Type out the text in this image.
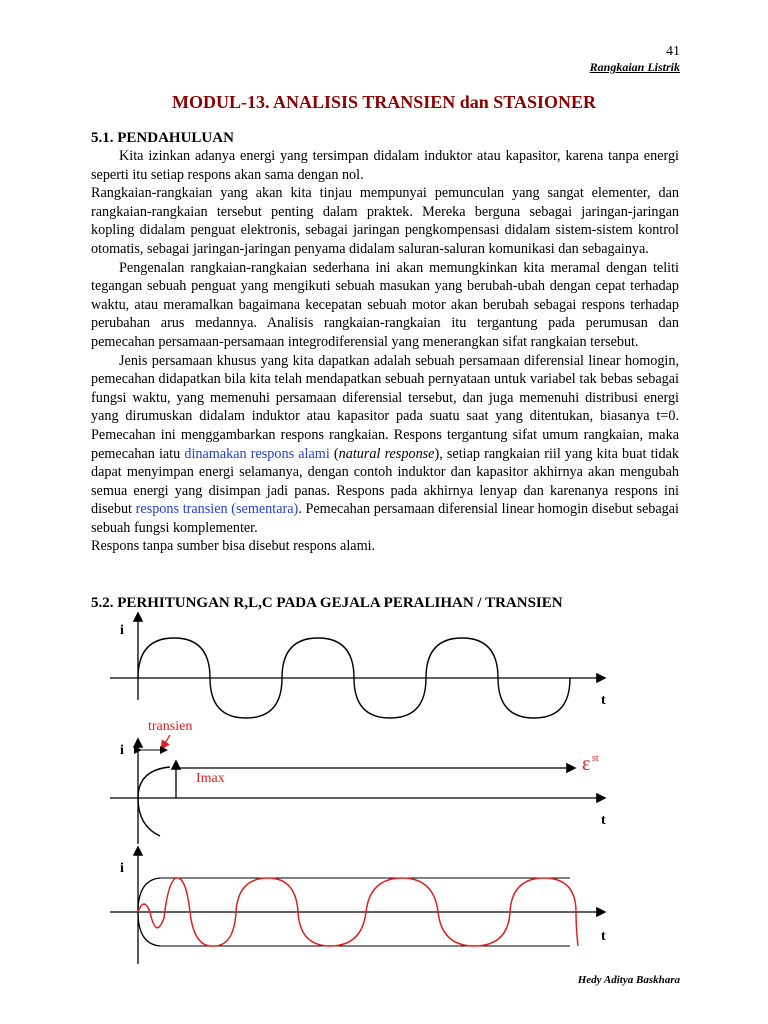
41
Rangkaian Listrik
MODUL-13. ANALISIS TRANSIEN dan STASIONER

5.1. PENDAHULUAN

Kita izinkan adanya energi yang tersimpan didalam induktor atau kapasitor, karena tanpa energi seperti itu setiap respons akan sama dengan nol.

Rangkaian-rangkaian yang akan kita tinjau mempunyai pemunculan yang sangat elementer, dan rangkaian-rangkaian tersebut penting dalam praktek. Mereka berguna sebagai jaringan-jaringan kopling didalam penguat elektronis, sebagai jaringan pengkompensasi didalam sistem-sistem kontrol otomatis, sebagai jaringan-jaringan penyama didalam saluran-saluran komunikasi dan sebagainya.

Pengenalan rangkaian-rangkaian sederhana ini akan memungkinkan kita meramal dengan teliti tegangan sebuah penguat yang mengikuti sebuah masukan yang berubah-ubah dengan cepat terhadap waktu, atau meramalkan bagaimana kecepatan sebuah motor akan berubah sebagai respons terhadap perubahan arus medannya. Analisis rangkaian-rangkaian itu tergantung pada perumusan dan pemecahan persamaan-persamaan integrodiferensial yang menerangkan sifat rangkaian tersebut.

Jenis persamaan khusus yang kita dapatkan adalah sebuah persamaan diferensial linear homogin, pemecahan didapatkan bila kita telah mendapatkan sebuah pernyataan untuk variabel tak bebas sebagai fungsi waktu, yang memenuhi persamaan diferensial tersebut, dan juga memenuhi distribusi energi yang dirumuskan didalam induktor atau kapasitor pada suatu saat yang ditentukan, biasanya t=0. Pemecahan ini menggambarkan respons rangkaian. Respons tergantung sifat umum rangkaian, maka pemecahan iatu dinamakan respons alami (natural response), setiap rangkaian riil yang kita buat tidak dapat menyimpan energi selamanya, dengan contoh induktor dan kapasitor akhirnya akan mengubah semua energi yang disimpan jadi panas. Respons pada akhirnya lenyap dan karenanya respons ini disebut respons transien (sementara). Pemecahan persamaan diferensial linear homogin disebut sebagai sebuah fungsi komplementer.

Respons tanpa sumber bisa disebut respons alami.

5.2. PERHITUNGAN R,L,C PADA GEJALA PERALIHAN / TRANSIEN

i
t
transien
Imax
ε st
i
t
i
t
Hedy Aditya Baskhara
